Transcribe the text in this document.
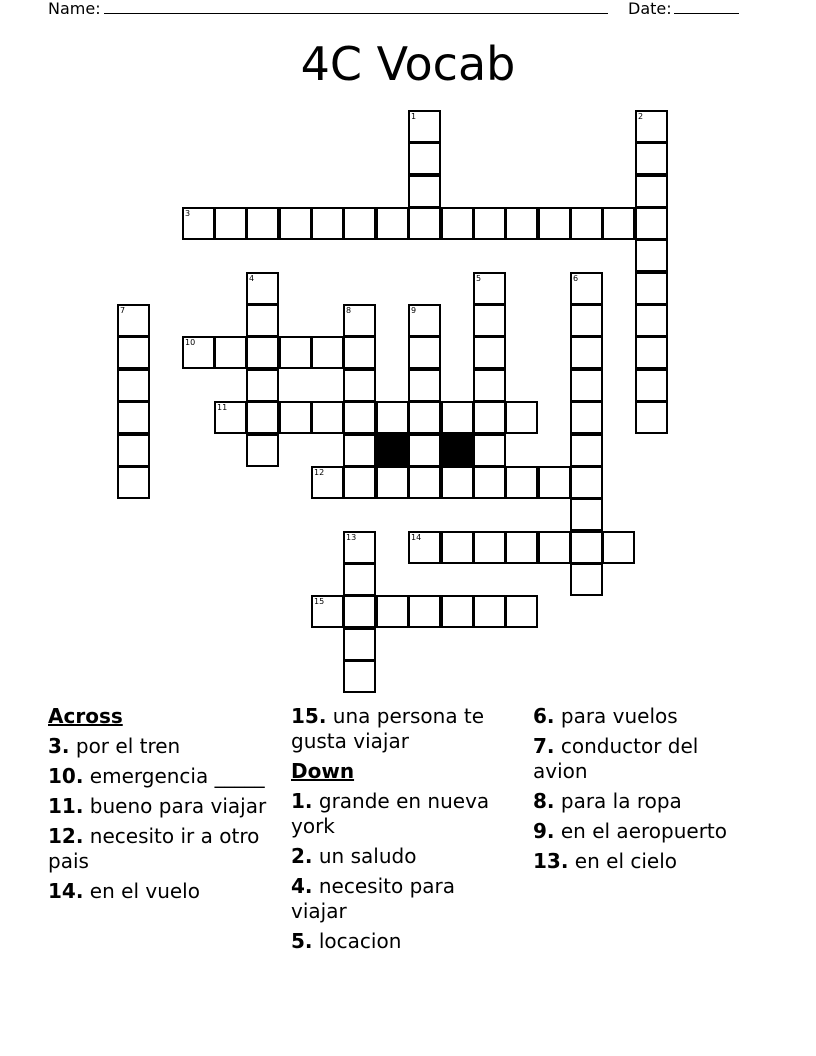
Name:	Date:
4C Vocab
3
10
11
12
14
15
1	2
4	5	6
7	8	9
13
Across
3. por el tren
10. emergencia _____
11. bueno para viajar
12. necesito ir a otro pais
14. en el vuelo
15. una persona te gusta viajar
Down
1. grande en nueva york
2. un saludo
4. necesito para viajar
5. locacion
6. para vuelos
7. conductor del avion
8. para la ropa
9. en el aeropuerto
13. en el cielo
